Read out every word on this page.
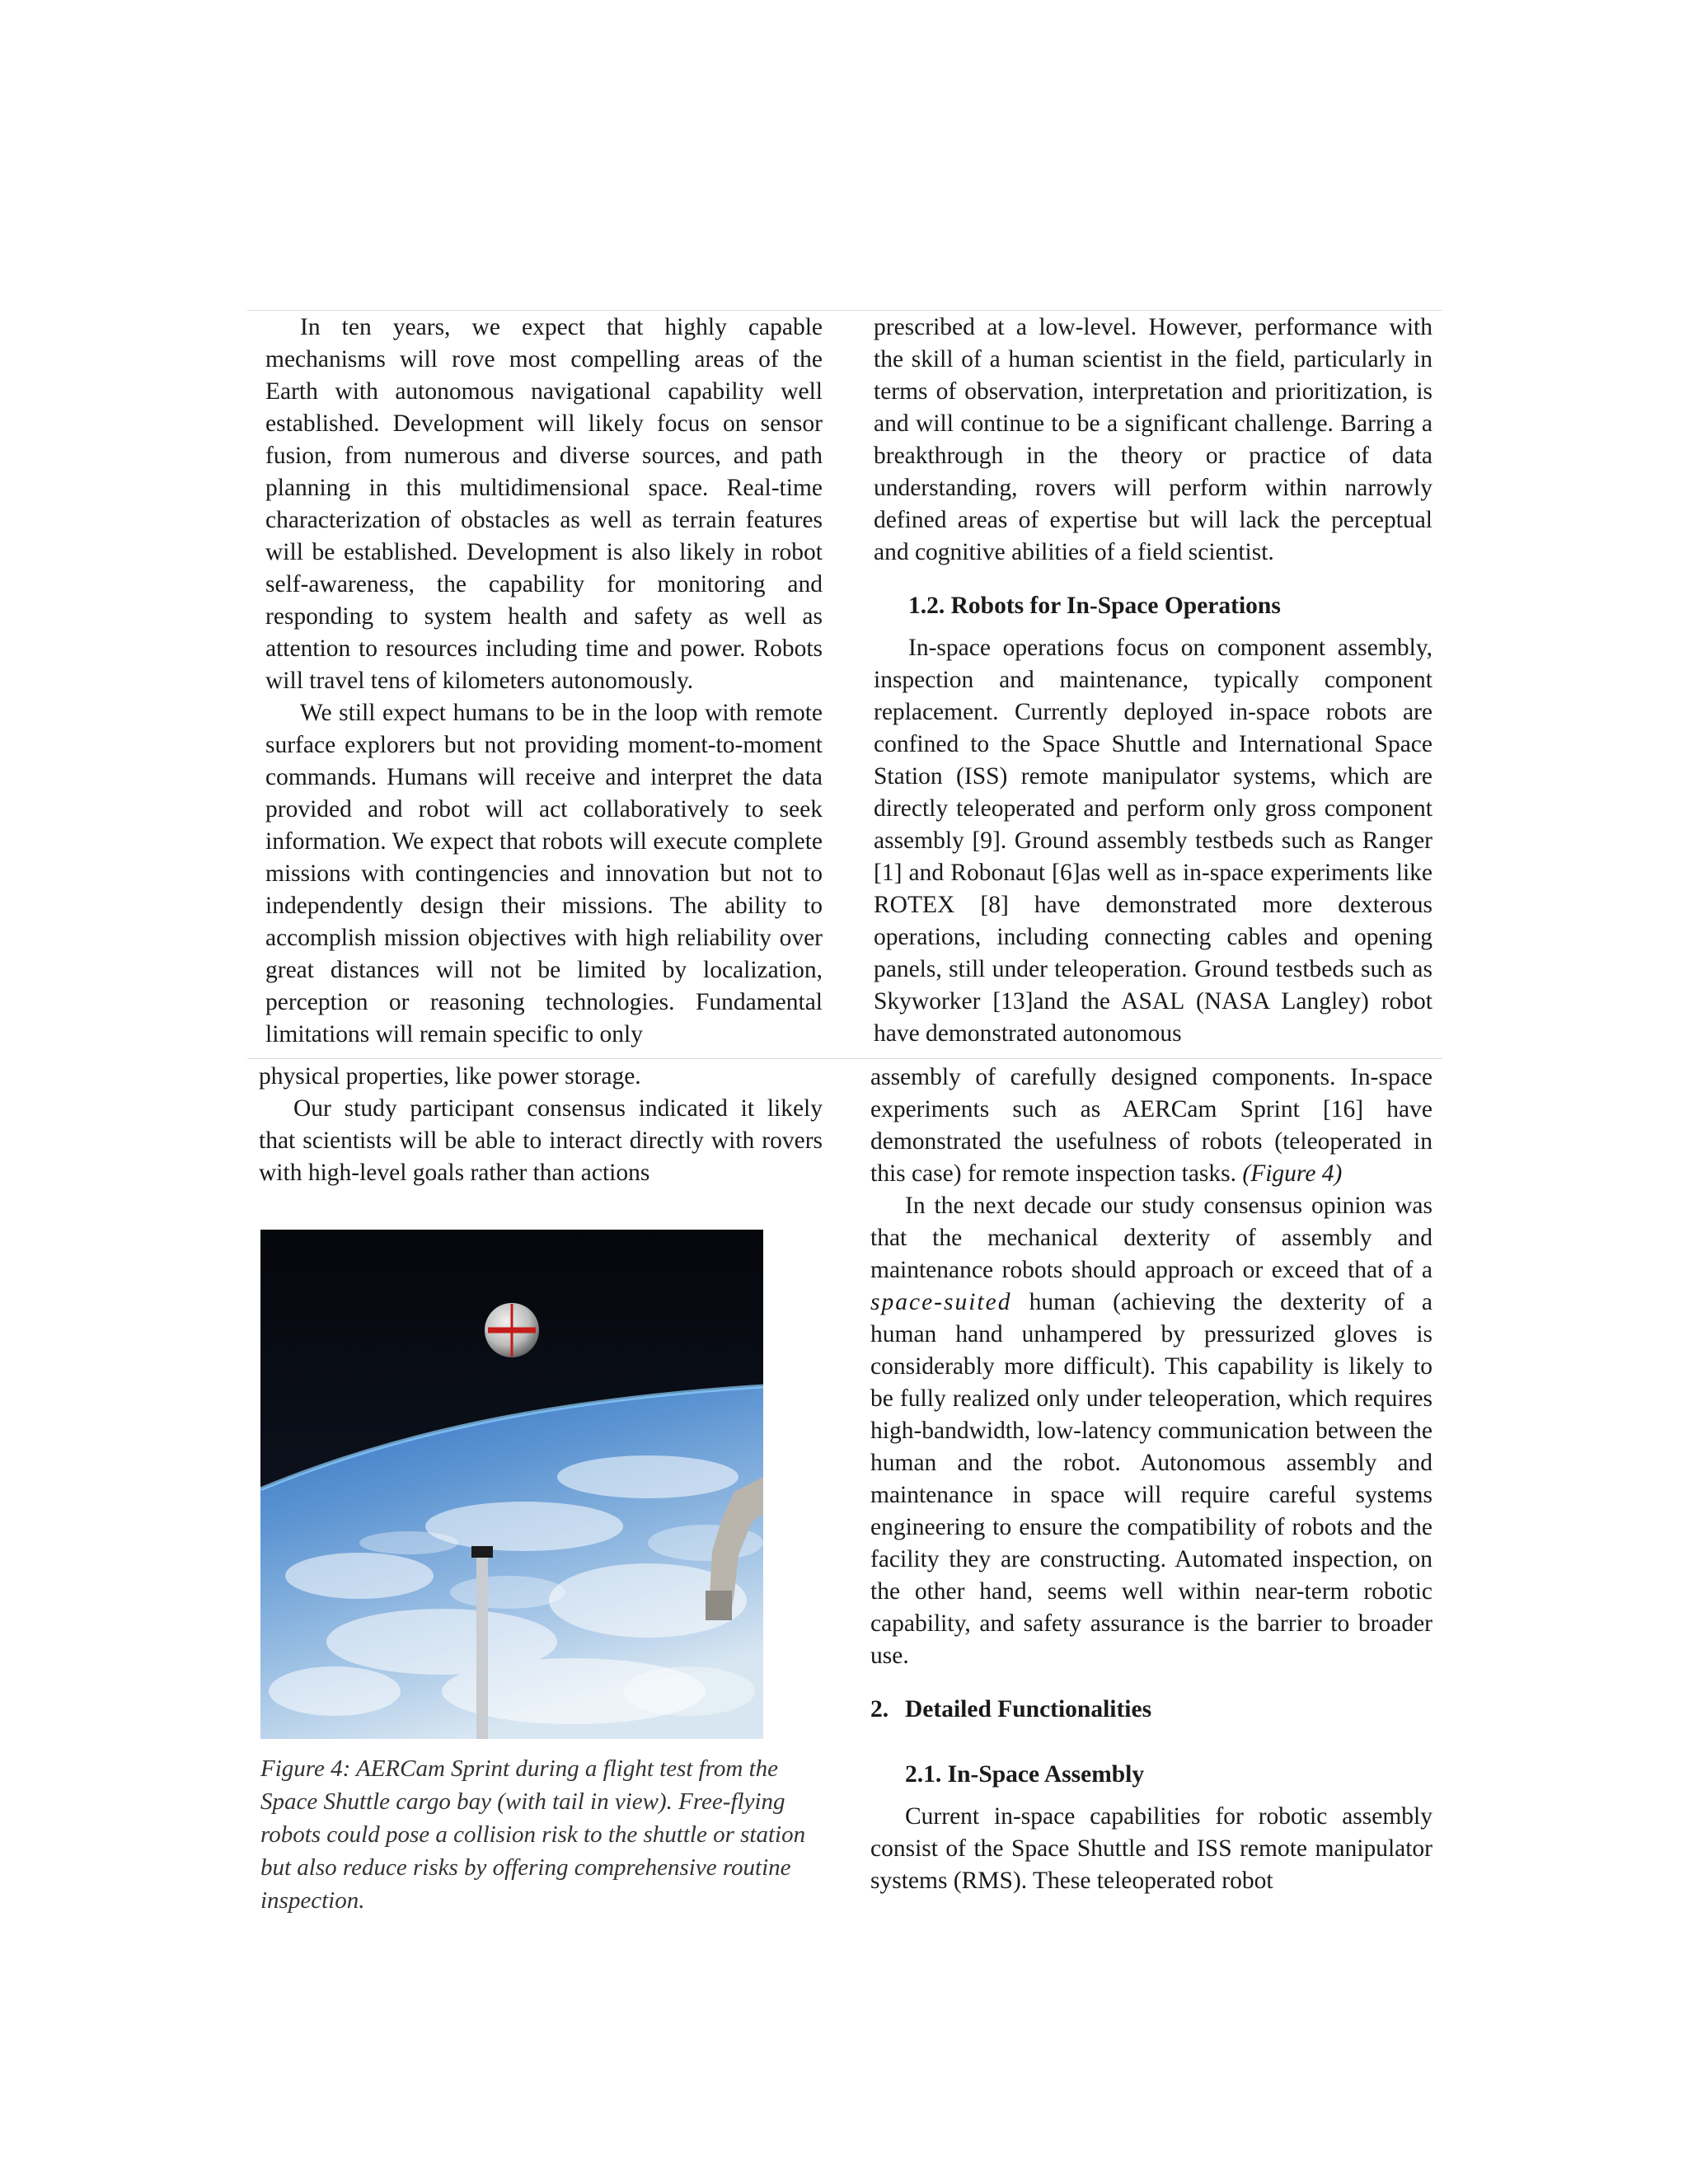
In ten years, we expect that highly capable mechanisms will rove most compelling areas of the Earth with autonomous navigational capability well established. Development will likely focus on sensor fusion, from numerous and diverse sources, and path planning in this multidimensional space. Real-time characterization of obstacles as well as terrain features will be established. Development is also likely in robot self-awareness, the capability for monitoring and responding to system health and safety as well as attention to resources including time and power. Robots will travel tens of kilometers autonomously.

We still expect humans to be in the loop with remote surface explorers but not providing moment-to-moment commands. Humans will receive and interpret the data provided and robot will act collaboratively to seek information. We expect that robots will execute complete missions with contingencies and innovation but not to independently design their missions. The ability to accomplish mission objectives with high reliability over great distances will not be limited by localization, perception or reasoning technologies. Fundamental limitations will remain specific to only

physical properties, like power storage.

Our study participant consensus indicated it likely that scientists will be able to interact directly with rovers with high-level goals rather than actions

Figure 4: AERCam Sprint during a flight test from the Space Shuttle cargo bay (with tail in view). Free-flying robots could pose a collision risk to the shuttle or station but also reduce risks by offering comprehensive routine inspection.

prescribed at a low-level. However, performance with the skill of a human scientist in the field, particularly in terms of observation, interpretation and prioritization, is and will continue to be a significant challenge. Barring a breakthrough in the theory or practice of data understanding, rovers will perform within narrowly defined areas of expertise but will lack the perceptual and cognitive abilities of a field scientist.

1.2. Robots for In-Space Operations

In-space operations focus on component assembly, inspection and maintenance, typically component replacement. Currently deployed in-space robots are confined to the Space Shuttle and International Space Station (ISS) remote manipulator systems, which are directly teleoperated and perform only gross component assembly [9]. Ground assembly testbeds such as Ranger [1] and Robonaut [6]as well as in-space experiments like ROTEX [8] have demonstrated more dexterous operations, including connecting cables and opening panels, still under teleoperation. Ground testbeds such as Skyworker [13]and the ASAL (NASA Langley) robot have demonstrated autonomous

assembly of carefully designed components. In-space experiments such as AERCam Sprint [16] have demonstrated the usefulness of robots (teleoperated in this case) for remote inspection tasks. (Figure 4)

In the next decade our study consensus opinion was that the mechanical dexterity of assembly and maintenance robots should approach or exceed that of a space-suited human (achieving the dexterity of a human hand unhampered by pressurized gloves is considerably more difficult). This capability is likely to be fully realized only under teleoperation, which requires high-bandwidth, low-latency communication between the human and the robot. Autonomous assembly and maintenance in space will require careful systems engineering to ensure the compatibility of robots and the facility they are constructing. Automated inspection, on the other hand, seems well within near-term robotic capability, and safety assurance is the barrier to broader use.

2. Detailed Functionalities

2.1. In-Space Assembly

Current in-space capabilities for robotic assembly consist of the Space Shuttle and ISS remote manipulator systems (RMS). These teleoperated robot
